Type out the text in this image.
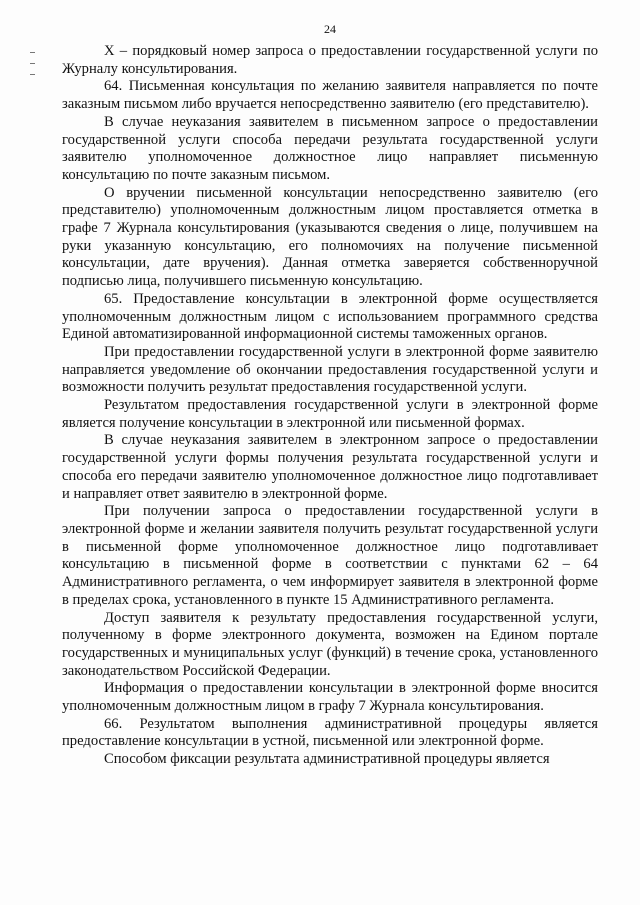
24

Х – порядковый номер запроса о предоставлении государственной услуги по Журналу консультирования.

64. Письменная консультация по желанию заявителя направляется по почте заказным письмом либо вручается непосредственно заявителю (его представителю).

В случае неуказания заявителем в письменном запросе о предоставлении государственной услуги способа передачи результата государственной услуги заявителю уполномоченное должностное лицо направляет письменную консультацию по почте заказным письмом.

О вручении письменной консультации непосредственно заявителю (его представителю) уполномоченным должностным лицом проставляется отметка в графе 7 Журнала консультирования (указываются сведения о лице, получившем на руки указанную консультацию, его полномочиях на получение письменной консультации, дате вручения). Данная отметка заверяется собственноручной подписью лица, получившего письменную консультацию.

65. Предоставление консультации в электронной форме осуществляется уполномоченным должностным лицом с использованием программного средства Единой автоматизированной информационной системы таможенных органов.

При предоставлении государственной услуги в электронной форме заявителю направляется уведомление об окончании предоставления государственной услуги и возможности получить результат предоставления государственной услуги.

Результатом предоставления государственной услуги в электронной форме является получение консультации в электронной или письменной формах.

В случае неуказания заявителем в электронном запросе о предоставлении государственной услуги формы получения результата государственной услуги и способа его передачи заявителю уполномоченное должностное лицо подготавливает и направляет ответ заявителю в электронной форме.

При получении запроса о предоставлении государственной услуги в электронной форме и желании заявителя получить результат государственной услуги в письменной форме уполномоченное должностное лицо подготавливает консультацию в письменной форме в соответствии с пунктами 62 – 64 Административного регламента, о чем информирует заявителя в электронной форме в пределах срока, установленного в пункте 15 Административного регламента.

Доступ заявителя к результату предоставления государственной услуги, полученному в форме электронного документа, возможен на Едином портале государственных и муниципальных услуг (функций) в течение срока, установленного законодательством Российской Федерации.

Информация о предоставлении консультации в электронной форме вносится уполномоченным должностным лицом в графу 7 Журнала консультирования.

66. Результатом выполнения административной процедуры является предоставление консультации в устной, письменной или электронной форме.

Способом фиксации результата административной процедуры является
